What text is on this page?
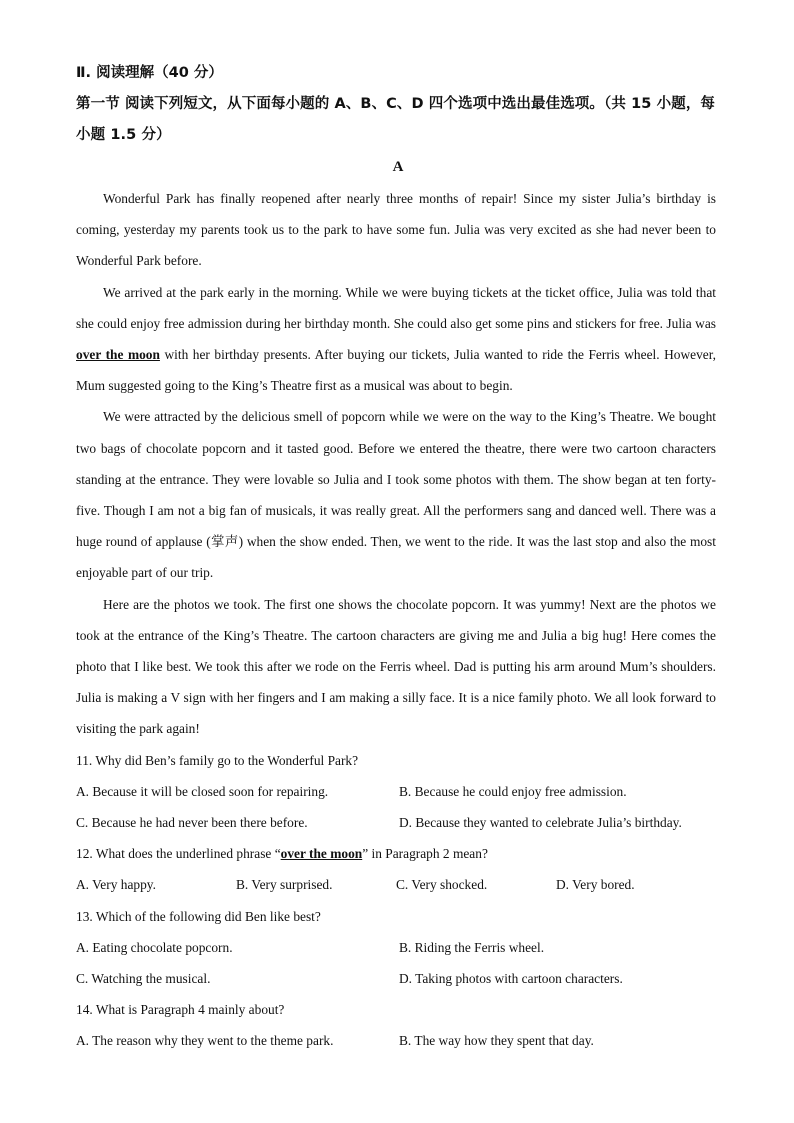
Ⅱ. 阅读理解（40 分）
第一节 阅读下列短文，从下面每小题的 A、B、C、D 四个选项中选出最佳选项。（共 15 小题，每小题 1.5 分）
A

Wonderful Park has finally reopened after nearly three months of repair! Since my sister Julia’s birthday is coming, yesterday my parents took us to the park to have some fun. Julia was very excited as she had never been to Wonderful Park before.

We arrived at the park early in the morning. While we were buying tickets at the ticket office, Julia was told that she could enjoy free admission during her birthday month. She could also get some pins and stickers for free. Julia was over the moon with her birthday presents. After buying our tickets, Julia wanted to ride the Ferris wheel. However, Mum suggested going to the King’s Theatre first as a musical was about to begin.

We were attracted by the delicious smell of popcorn while we were on the way to the King’s Theatre. We bought two bags of chocolate popcorn and it tasted good. Before we entered the theatre, there were two cartoon characters standing at the entrance. They were lovable so Julia and I took some photos with them. The show began at ten forty-five. Though I am not a big fan of musicals, it was really great. All the performers sang and danced well. There was a huge round of applause (掌声) when the show ended. Then, we went to the ride. It was the last stop and also the most enjoyable part of our trip.

Here are the photos we took. The first one shows the chocolate popcorn. It was yummy! Next are the photos we took at the entrance of the King’s Theatre. The cartoon characters are giving me and Julia a big hug! Here comes the photo that I like best. We took this after we rode on the Ferris wheel. Dad is putting his arm around Mum’s shoulders. Julia is making a V sign with her fingers and I am making a silly face. It is a nice family photo. We all look forward to visiting the park again!

11. Why did Ben’s family go to the Wonderful Park?

A. Because it will be closed soon for repairing.	B. Because he could enjoy free admission.
C. Because he had never been there before.	D. Because they wanted to celebrate Julia’s birthday.

12. What does the underlined phrase “over the moon” in Paragraph 2 mean?

A. Very happy.	B. Very surprised.	C. Very shocked.	D. Very bored.

13. Which of the following did Ben like best?

A. Eating chocolate popcorn.	B. Riding the Ferris wheel.
C. Watching the musical.	D. Taking photos with cartoon characters.

14. What is Paragraph 4 mainly about?

A. The reason why they went to the theme park.	B. The way how they spent that day.
